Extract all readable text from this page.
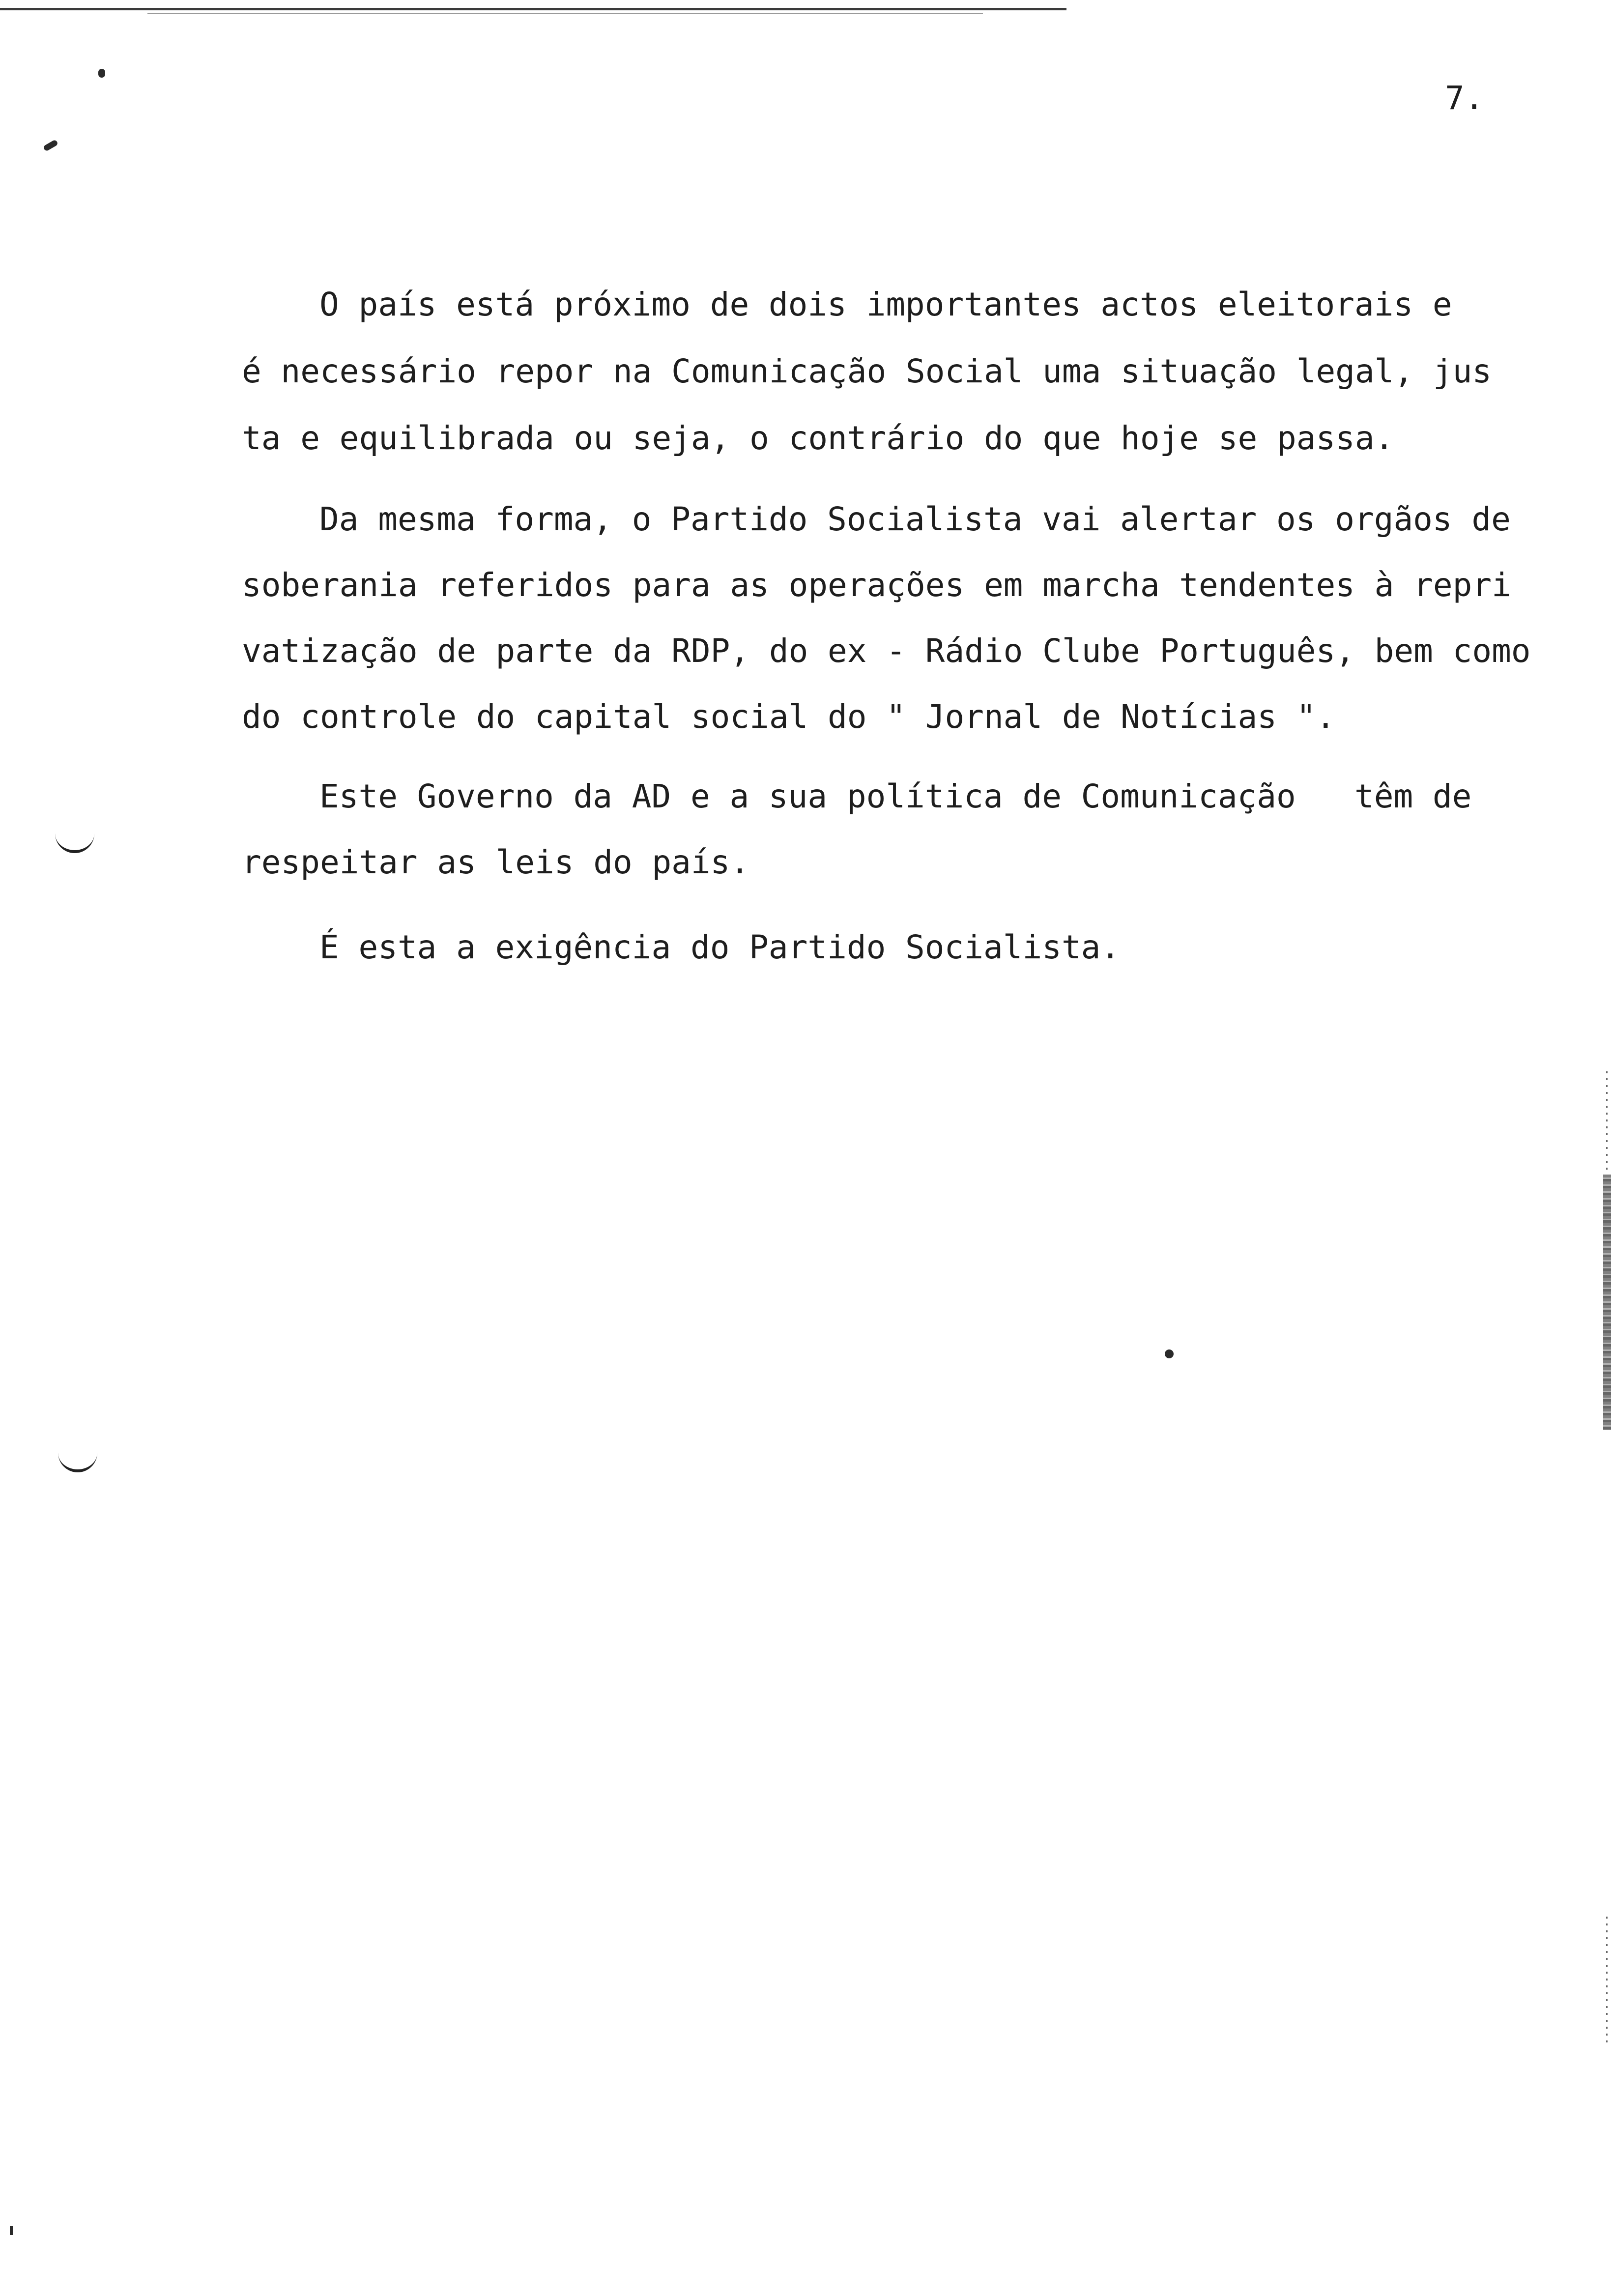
7.

O país está próximo de dois importantes actos eleitorais e
é necessário repor na Comunicação Social uma situação legal, jus
ta e equilibrada ou seja, o contrário do que hoje se passa.
Da mesma forma, o Partido Socialista vai alertar os orgãos de
soberania referidos para as operações em marcha tendentes à repri
vatização de parte da RDP, do ex - Rádio Clube Português, bem como
do controle do capital social do " Jornal de Notícias ".
Este Governo da AD e a sua política de Comunicação   têm de
respeitar as leis do país.
É esta a exigência do Partido Socialista.
